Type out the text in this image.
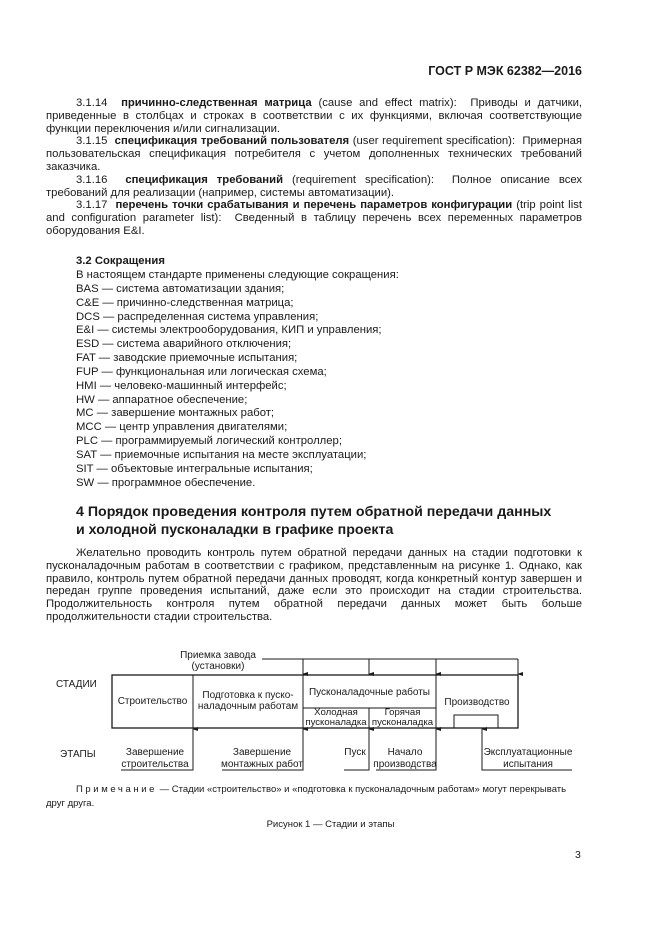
ГОСТ Р МЭК 62382—2016

3.1.14 причинно-следственная матрица (cause and effect matrix): Приводы и датчики, приведенные в столбцах и строках в соответствии с их функциями, включая соответствующие функции переключения и/или сигнализации.

3.1.15 спецификация требований пользователя (user requirement specification): Примерная пользовательская спецификация потребителя с учетом дополненных технических требований заказчика.

3.1.16 спецификация требований (requirement specification): Полное описание всех требований для реализации (например, системы автоматизации).

3.1.17 перечень точки срабатывания и перечень параметров конфигурации (trip point list and configuration parameter list): Сведенный в таблицу перечень всех переменных параметров оборудования E&I.

3.2 Сокращения
В настоящем стандарте применены следующие сокращения:
BAS — система автоматизации здания;
C&E — причинно-следственная матрица;
DCS — распределенная система управления;
E&I — системы электрооборудования, КИП и управления;
ESD — система аварийного отключения;
FAT — заводские приемочные испытания;
FUP — функциональная или логическая схема;
HMI — человеко-машинный интерфейс;
HW — аппаратное обеспечение;
MC — завершение монтажных работ;
MCC — центр управления двигателями;
PLC — программируемый логический контроллер;
SAT — приемочные испытания на месте эксплуатации;
SIT — объектовые интегральные испытания;
SW — программное обеспечение.
4 Порядок проведения контроля путем обратной передачи данных
и холодной пусконаладки в графике проекта

Желательно проводить контроль путем обратной передачи данных на стадии подготовки к пусконаладочным работам в соответствии с графиком, представленным на рисунке 1. Однако, как правило, контроль путем обратной передачи данных проводят, когда конкретный контур завершен и передан группе проведения испытаний, даже если это происходит на стадии строительства. Продолжительность контроля путем обратной передачи данных может быть больше продолжительности стадии строительства.

Приемка завода
(установки)
СТАДИИ
ЭТАПЫ
Строительство
Подготовка к пуско-
наладочным работам
Пусконаладочные работы
Холодная
пусконаладка
Горячая
пусконаладка
Производство
Завершение
строительства
Завершение
монтажных работ
Пуск	Начало
производства
Эксплуатационные
испытания
Примечание — Стадии «строительство» и «подготовка к пусконаладочным работам» могут перекрывать друг друга.
Рисунок 1 — Стадии и этапы
3
